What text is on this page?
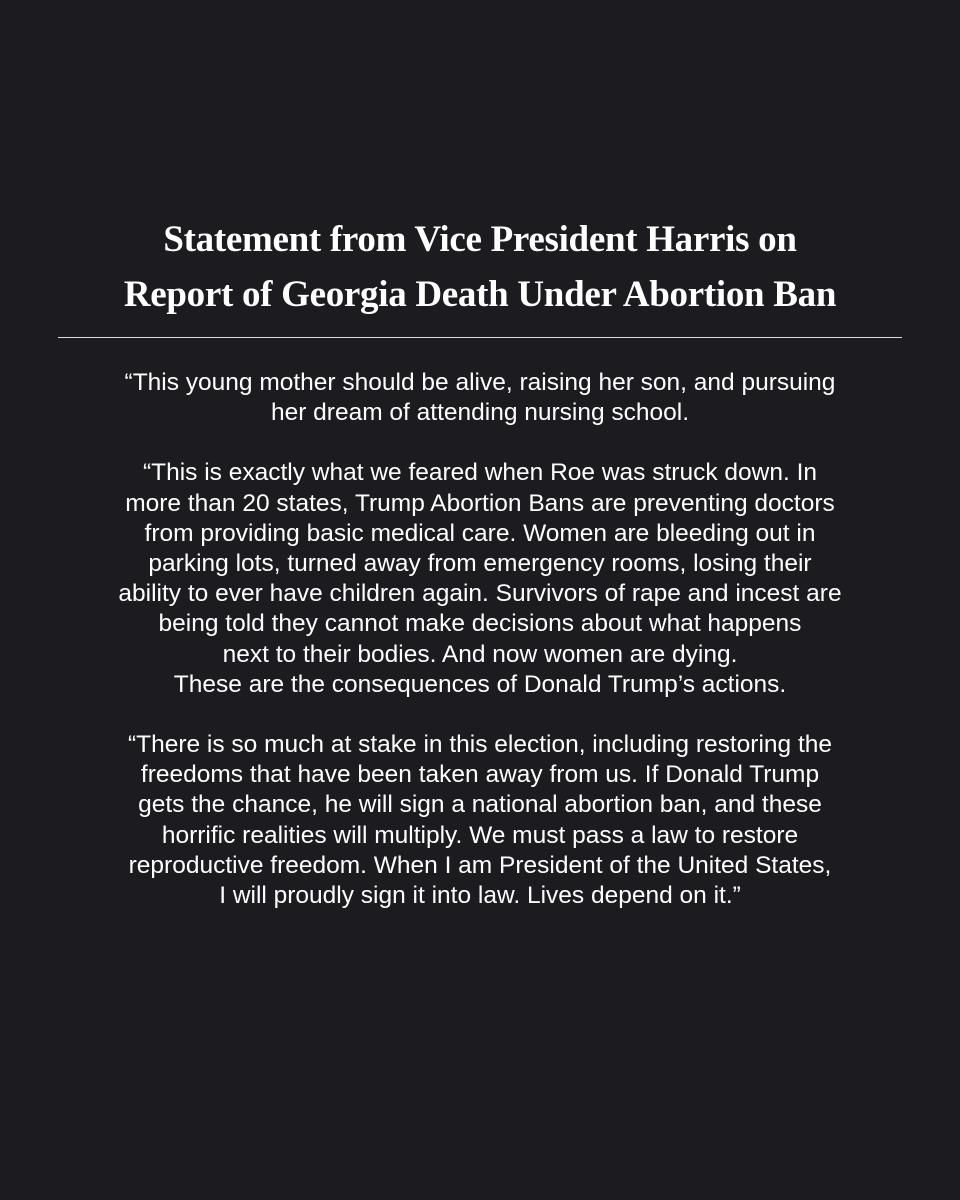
Statement from Vice President Harris on
Report of Georgia Death Under Abortion Ban
“This young mother should be alive, raising her son, and pursuing
her dream of attending nursing school.
“This is exactly what we feared when Roe was struck down. In
more than 20 states, Trump Abortion Bans are preventing doctors
from providing basic medical care. Women are bleeding out in
parking lots, turned away from emergency rooms, losing their
ability to ever have children again. Survivors of rape and incest are
being told they cannot make decisions about what happens
next to their bodies. And now women are dying.
These are the consequences of Donald Trump’s actions.
“There is so much at stake in this election, including restoring the
freedoms that have been taken away from us. If Donald Trump
gets the chance, he will sign a national abortion ban, and these
horrific realities will multiply. We must pass a law to restore
reproductive freedom. When I am President of the United States,
I will proudly sign it into law. Lives depend on it.”
